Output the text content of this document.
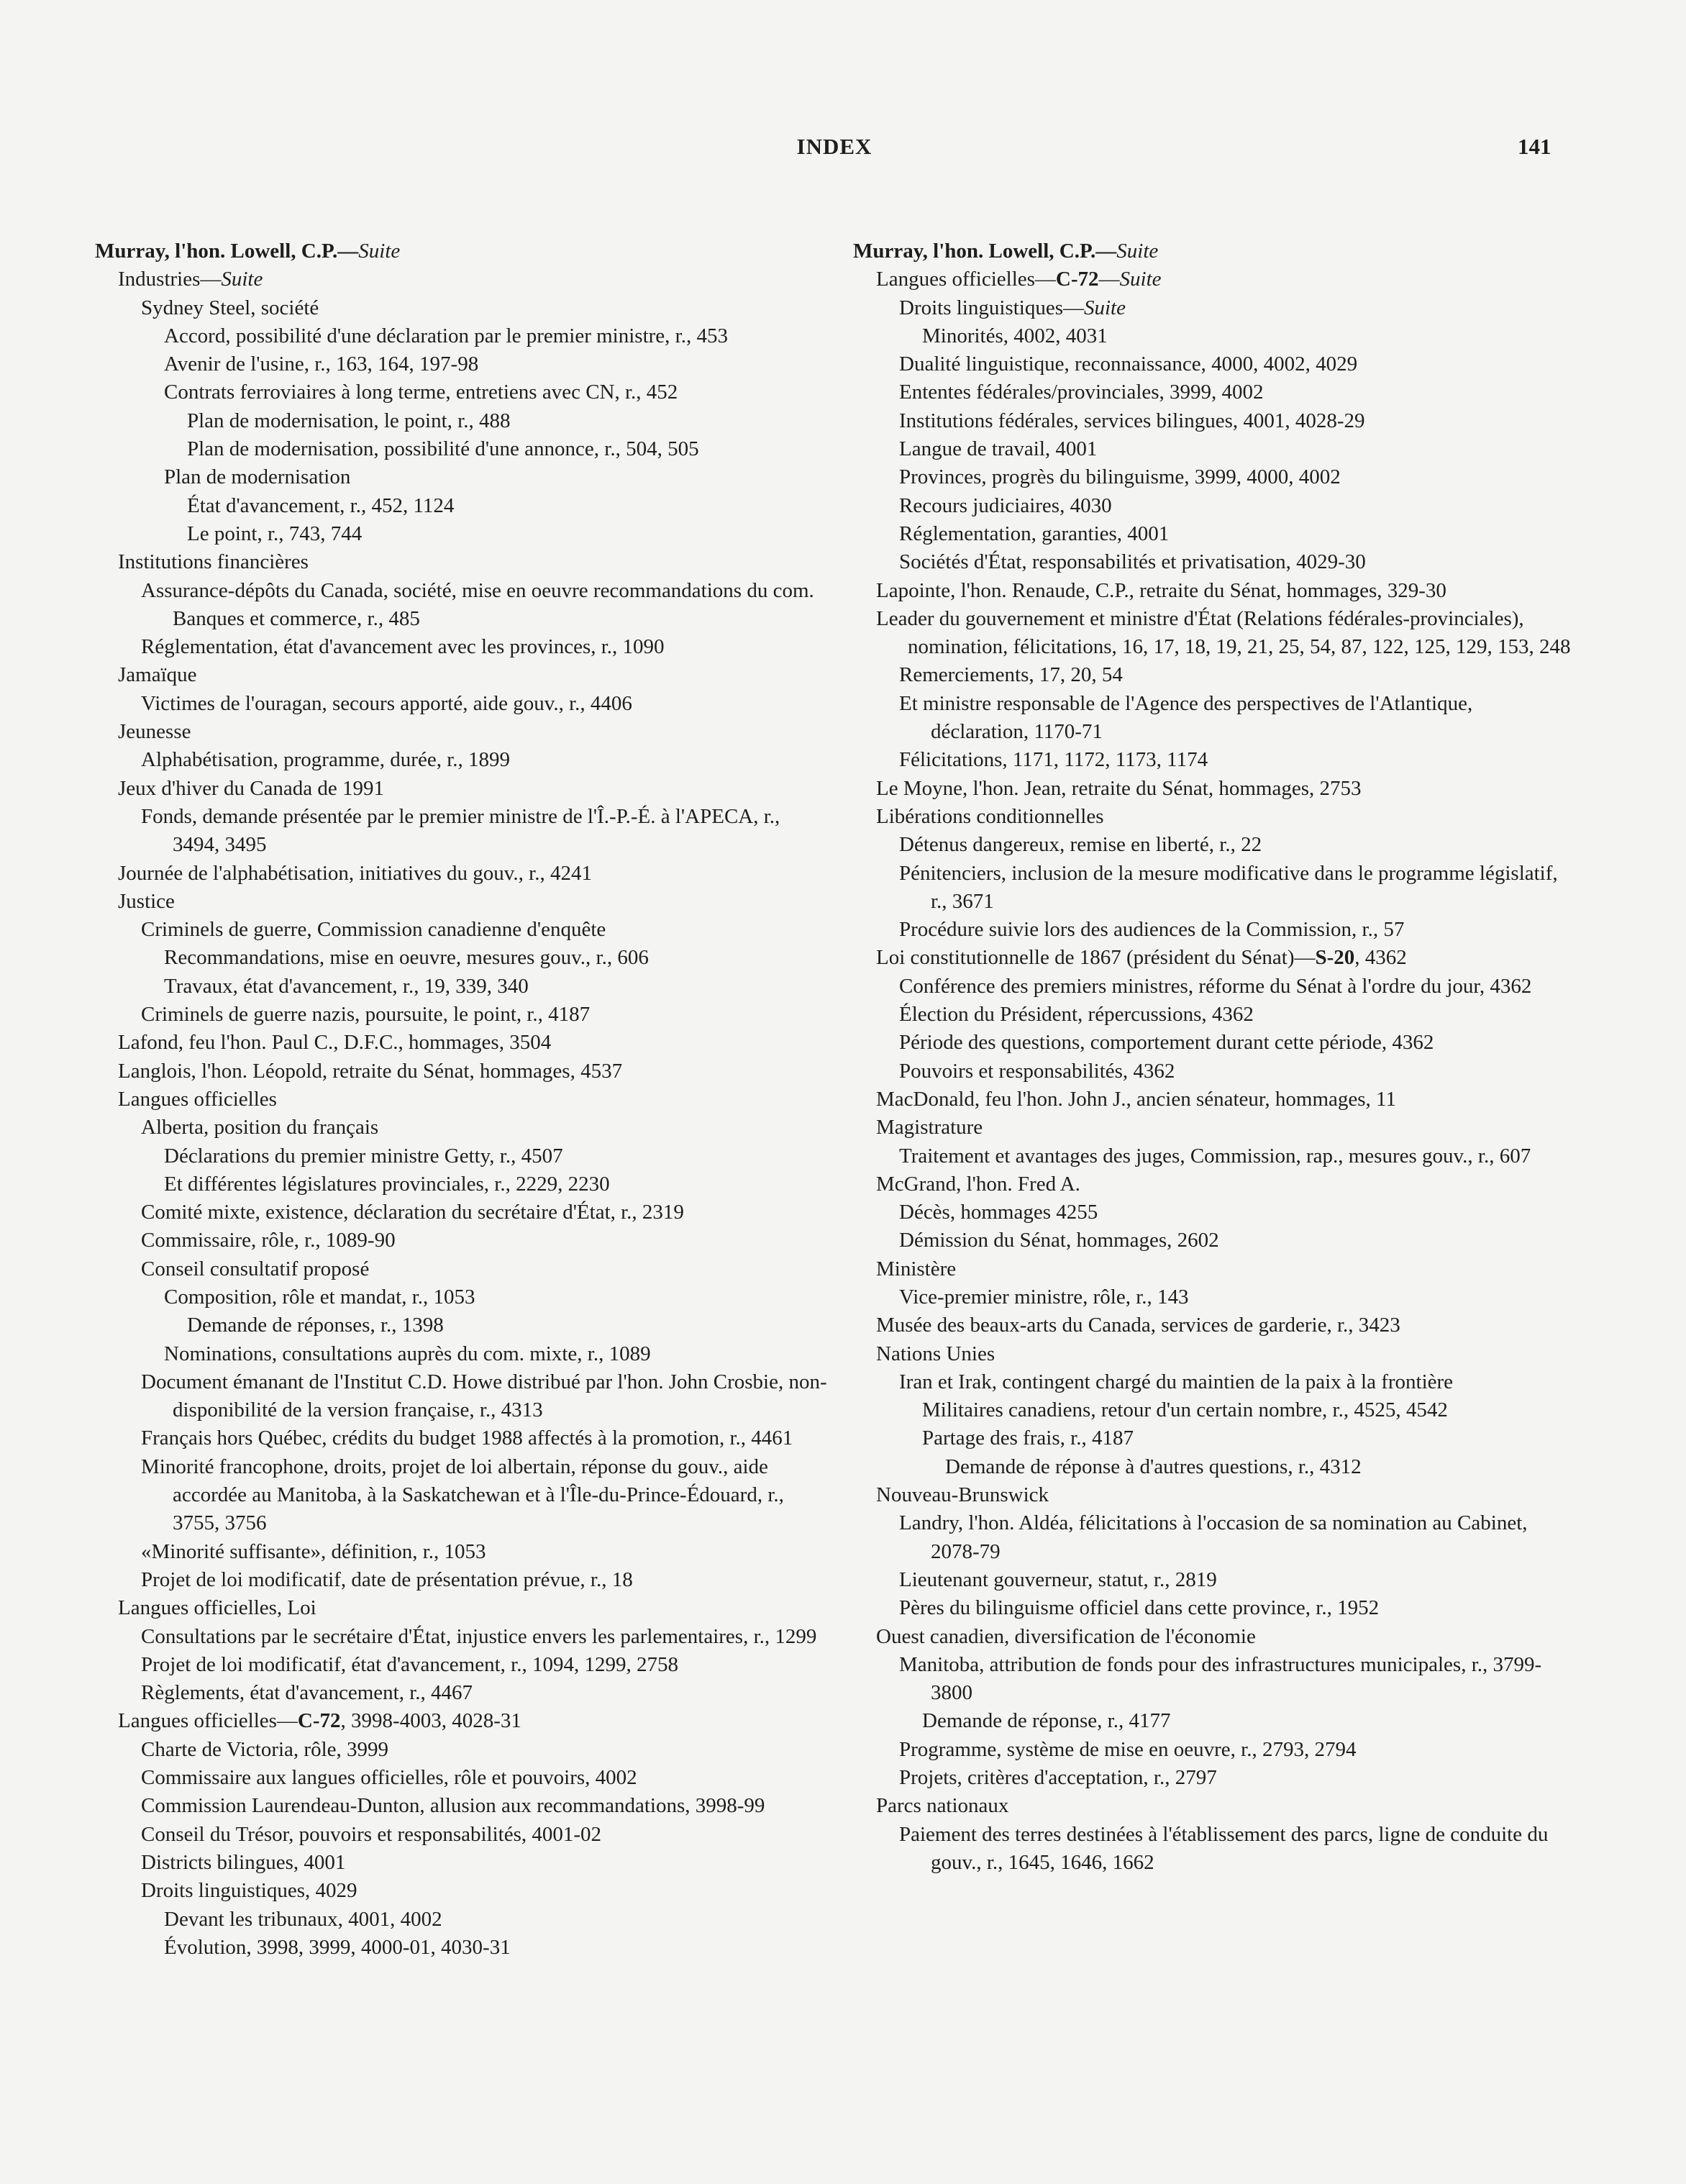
INDEX	141
Murray, l'hon. Lowell, C.P.—Suite
Industries—Suite
Sydney Steel, société
Accord, possibilité d'une déclaration par le premier ministre, r., 453
Avenir de l'usine, r., 163, 164, 197-98
Contrats ferroviaires à long terme, entretiens avec CN, r., 452
Plan de modernisation, le point, r., 488
Plan de modernisation, possibilité d'une annonce, r., 504, 505
Plan de modernisation
État d'avancement, r., 452, 1124
Le point, r., 743, 744
Institutions financières
Assurance-dépôts du Canada, société, mise en oeuvre recommandations du com. Banques et commerce, r., 485
Réglementation, état d'avancement avec les provinces, r., 1090
Jamaïque
Victimes de l'ouragan, secours apporté, aide gouv., r., 4406
Jeunesse
Alphabétisation, programme, durée, r., 1899
Jeux d'hiver du Canada de 1991
Fonds, demande présentée par le premier ministre de l'Î.-P.-É. à l'APECA, r., 3494, 3495
Journée de l'alphabétisation, initiatives du gouv., r., 4241
Justice
Criminels de guerre, Commission canadienne d'enquête
Recommandations, mise en oeuvre, mesures gouv., r., 606
Travaux, état d'avancement, r., 19, 339, 340
Criminels de guerre nazis, poursuite, le point, r., 4187
Lafond, feu l'hon. Paul C., D.F.C., hommages, 3504
Langlois, l'hon. Léopold, retraite du Sénat, hommages, 4537
Langues officielles
Alberta, position du français
Déclarations du premier ministre Getty, r., 4507
Et différentes législatures provinciales, r., 2229, 2230
Comité mixte, existence, déclaration du secrétaire d'État, r., 2319
Commissaire, rôle, r., 1089-90
Conseil consultatif proposé
Composition, rôle et mandat, r., 1053
Demande de réponses, r., 1398
Nominations, consultations auprès du com. mixte, r., 1089
Document émanant de l'Institut C.D. Howe distribué par l'hon. John Crosbie, non-disponibilité de la version française, r., 4313
Français hors Québec, crédits du budget 1988 affectés à la promotion, r., 4461
Minorité francophone, droits, projet de loi albertain, réponse du gouv., aide accordée au Manitoba, à la Saskatchewan et à l'Île-du-Prince-Édouard, r., 3755, 3756
«Minorité suffisante», définition, r., 1053
Projet de loi modificatif, date de présentation prévue, r., 18
Langues officielles, Loi
Consultations par le secrétaire d'État, injustice envers les parlementaires, r., 1299
Projet de loi modificatif, état d'avancement, r., 1094, 1299, 2758
Règlements, état d'avancement, r., 4467
Langues officielles—C-72, 3998-4003, 4028-31
Charte de Victoria, rôle, 3999
Commissaire aux langues officielles, rôle et pouvoirs, 4002
Commission Laurendeau-Dunton, allusion aux recommandations, 3998-99
Conseil du Trésor, pouvoirs et responsabilités, 4001-02
Districts bilingues, 4001
Droits linguistiques, 4029
Devant les tribunaux, 4001, 4002
Évolution, 3998, 3999, 4000-01, 4030-31
Murray, l'hon. Lowell, C.P.—Suite
Langues officielles—C-72—Suite
Droits linguistiques—Suite
Minorités, 4002, 4031
Dualité linguistique, reconnaissance, 4000, 4002, 4029
Ententes fédérales/provinciales, 3999, 4002
Institutions fédérales, services bilingues, 4001, 4028-29
Langue de travail, 4001
Provinces, progrès du bilinguisme, 3999, 4000, 4002
Recours judiciaires, 4030
Réglementation, garanties, 4001
Sociétés d'État, responsabilités et privatisation, 4029-30
Lapointe, l'hon. Renaude, C.P., retraite du Sénat, hommages, 329-30
Leader du gouvernement et ministre d'État (Relations fédérales-provinciales), nomination, félicitations, 16, 17, 18, 19, 21, 25, 54, 87, 122, 125, 129, 153, 248
Remerciements, 17, 20, 54
Et ministre responsable de l'Agence des perspectives de l'Atlantique, déclaration, 1170-71
Félicitations, 1171, 1172, 1173, 1174
Le Moyne, l'hon. Jean, retraite du Sénat, hommages, 2753
Libérations conditionnelles
Détenus dangereux, remise en liberté, r., 22
Pénitenciers, inclusion de la mesure modificative dans le programme législatif, r., 3671
Procédure suivie lors des audiences de la Commission, r., 57
Loi constitutionnelle de 1867 (président du Sénat)—S-20, 4362
Conférence des premiers ministres, réforme du Sénat à l'ordre du jour, 4362
Élection du Président, répercussions, 4362
Période des questions, comportement durant cette période, 4362
Pouvoirs et responsabilités, 4362
MacDonald, feu l'hon. John J., ancien sénateur, hommages, 11
Magistrature
Traitement et avantages des juges, Commission, rap., mesures gouv., r., 607
McGrand, l'hon. Fred A.
Décès, hommages 4255
Démission du Sénat, hommages, 2602
Ministère
Vice-premier ministre, rôle, r., 143
Musée des beaux-arts du Canada, services de garderie, r., 3423
Nations Unies
Iran et Irak, contingent chargé du maintien de la paix à la frontière
Militaires canadiens, retour d'un certain nombre, r., 4525, 4542
Partage des frais, r., 4187
Demande de réponse à d'autres questions, r., 4312
Nouveau-Brunswick
Landry, l'hon. Aldéa, félicitations à l'occasion de sa nomination au Cabinet, 2078-79
Lieutenant gouverneur, statut, r., 2819
Pères du bilinguisme officiel dans cette province, r., 1952
Ouest canadien, diversification de l'économie
Manitoba, attribution de fonds pour des infrastructures municipales, r., 3799-3800
Demande de réponse, r., 4177
Programme, système de mise en oeuvre, r., 2793, 2794
Projets, critères d'acceptation, r., 2797
Parcs nationaux
Paiement des terres destinées à l'établissement des parcs, ligne de conduite du gouv., r., 1645, 1646, 1662
